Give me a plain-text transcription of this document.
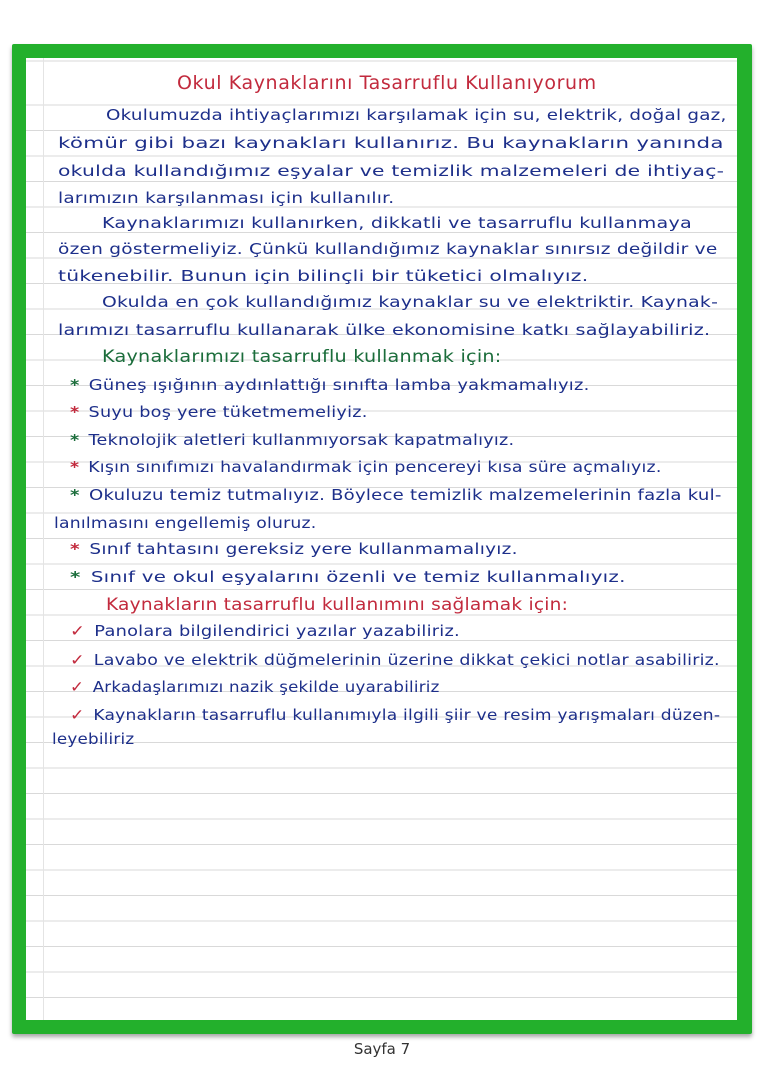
Okul Kaynaklarını Tasarruflu Kullanıyorum
Okulumuzda ihtiyaçlarımızı karşılamak için su, elektrik, doğal gaz,
kömür gibi bazı kaynakları kullanırız. Bu kaynakların yanında
okulda kullandığımız eşyalar ve temizlik malzemeleri de ihtiyaç-
larımızın karşılanması için kullanılır.
Kaynaklarımızı kullanırken, dikkatli ve tasarruflu kullanmaya
özen göstermeliyiz. Çünkü kullandığımız kaynaklar sınırsız değildir ve
tükenebilir. Bunun için bilinçli bir tüketici olmalıyız.
Okulda en çok kullandığımız kaynaklar su ve elektriktir. Kaynak-
larımızı tasarruflu kullanarak ülke ekonomisine katkı sağlayabiliriz.
Kaynaklarımızı tasarruflu kullanmak için:
* Güneş ışığının aydınlattığı sınıfta lamba yakmamalıyız.
* Suyu boş yere tüketmemeliyiz.
* Teknolojik aletleri kullanmıyorsak kapatmalıyız.
* Kışın sınıfımızı havalandırmak için pencereyi kısa süre açmalıyız.
* Okuluzu temiz tutmalıyız. Böylece temizlik malzemelerinin fazla kul-
lanılmasını engellemiş oluruz.
* Sınıf tahtasını gereksiz yere kullanmamalıyız.
* Sınıf ve okul eşyalarını özenli ve temiz kullanmalıyız.
Kaynakların tasarruflu kullanımını sağlamak için:
✓ Panolara bilgilendirici yazılar yazabiliriz.
✓ Lavabo ve elektrik düğmelerinin üzerine dikkat çekici notlar asabiliriz.
✓ Arkadaşlarımızı nazik şekilde uyarabiliriz
✓ Kaynakların tasarruflu kullanımıyla ilgili şiir ve resim yarışmaları düzen-
leyebiliriz
Sayfa 7
